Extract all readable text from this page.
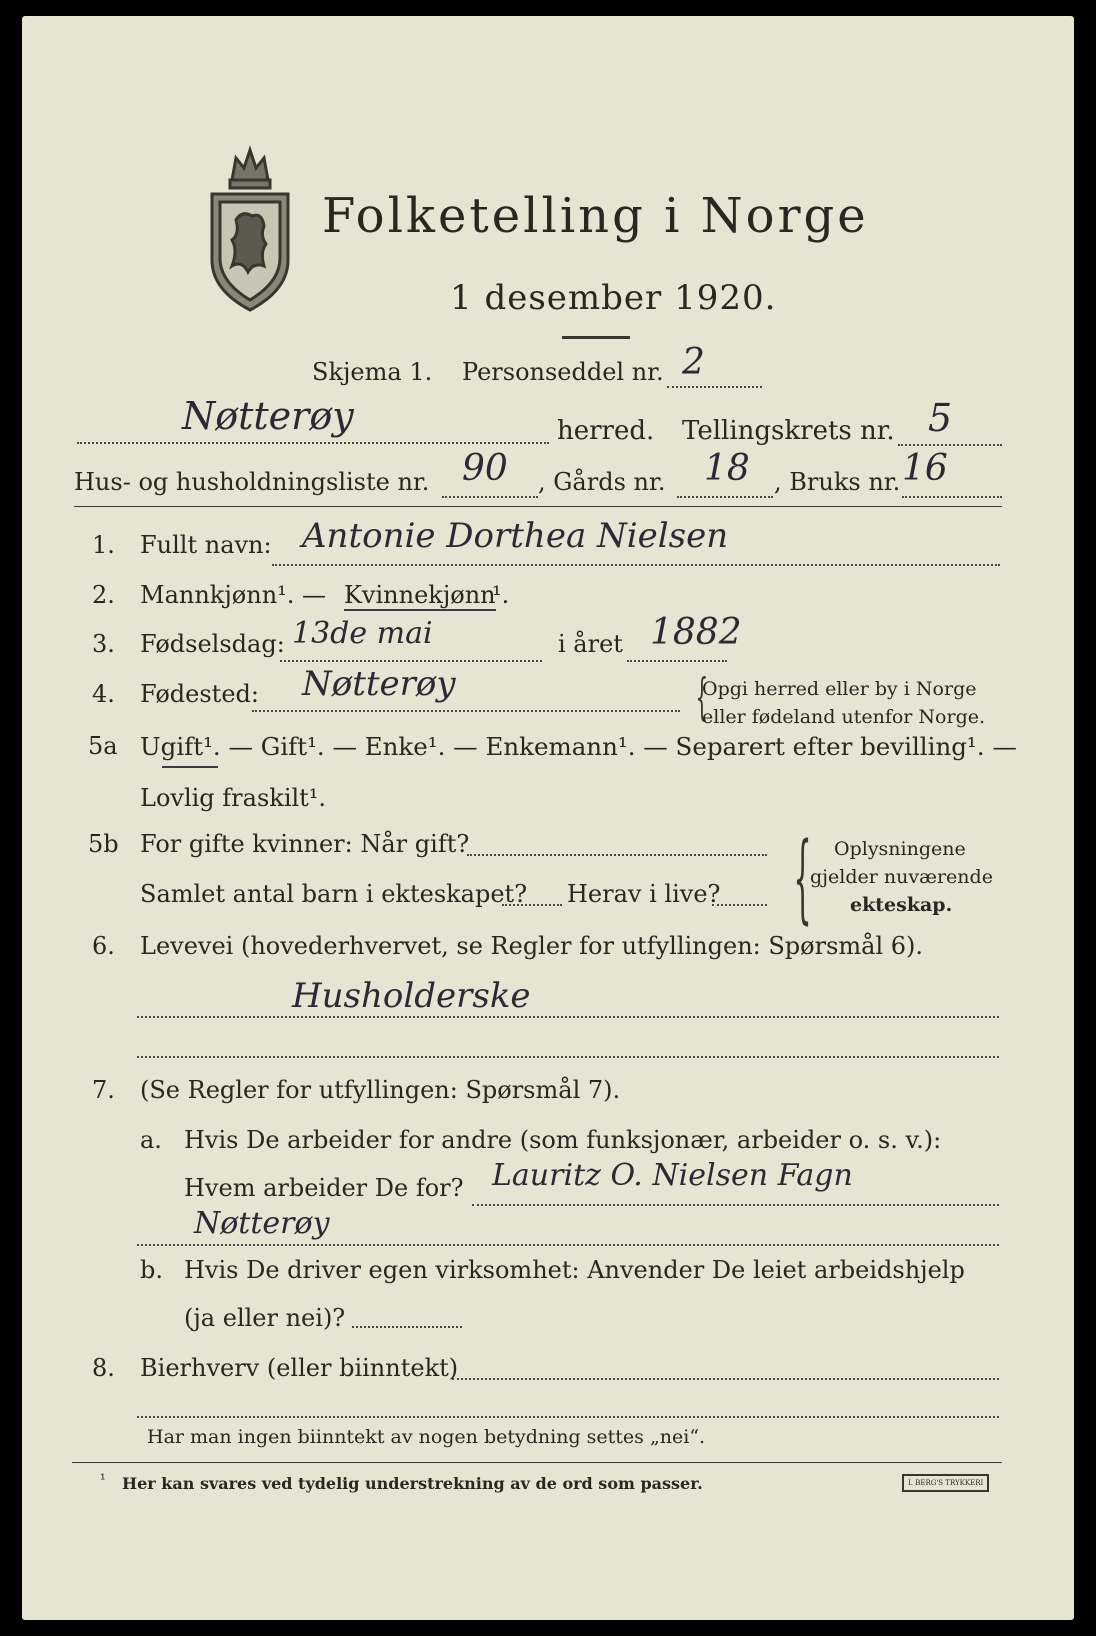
Folketelling i Norge
1 desember 1920.
Skjema 1. Personseddel nr. 2
Nøtterøy	herred. Tellingskrets nr. 5
Hus- og husholdningsliste nr. 90 , Gårds nr. 18 , Bruks nr. 16
1. Fullt navn: Antonie Dorthea Nielsen
2. Mannkjønn¹. — Kvinnekjønn
¹.
3. Fødselsdag: 13de mai	i året 1882
4. Fødested: Nøtterøy	{
Opgi herred eller by i Norge
eller fødeland utenfor Norge.
5a Ugift¹. — Gift¹. — Enke¹. — Enkemann¹. — Separert efter bevilling¹. —
Lovlig fraskilt¹.
5b For gifte kvinner: Når gift?
Samlet antal barn i ekteskapet? Herav i live? { Oplysningene
gjelder nuværende
ekteskap.
6. Levevei (hovederhvervet, se Regler for utfyllingen: Spørsmål 6).
Husholderske
7. (Se Regler for utfyllingen: Spørsmål 7).
a. Hvis De arbeider for andre (som funksjonær, arbeider o. s. v.):
Hvem arbeider De for? Lauritz O. Nielsen Fagn
Nøtterøy
b. Hvis De driver egen virksomhet: Anvender De leiet arbeidshjelp
(ja eller nei)?
8. Bierhverv (eller biinntekt)
Har man ingen biinntekt av nogen betydning settes „nei“.
¹ Her kan svares ved tydelig understrekning av de ord som passer.	I. BERG'S TRYKKERI
